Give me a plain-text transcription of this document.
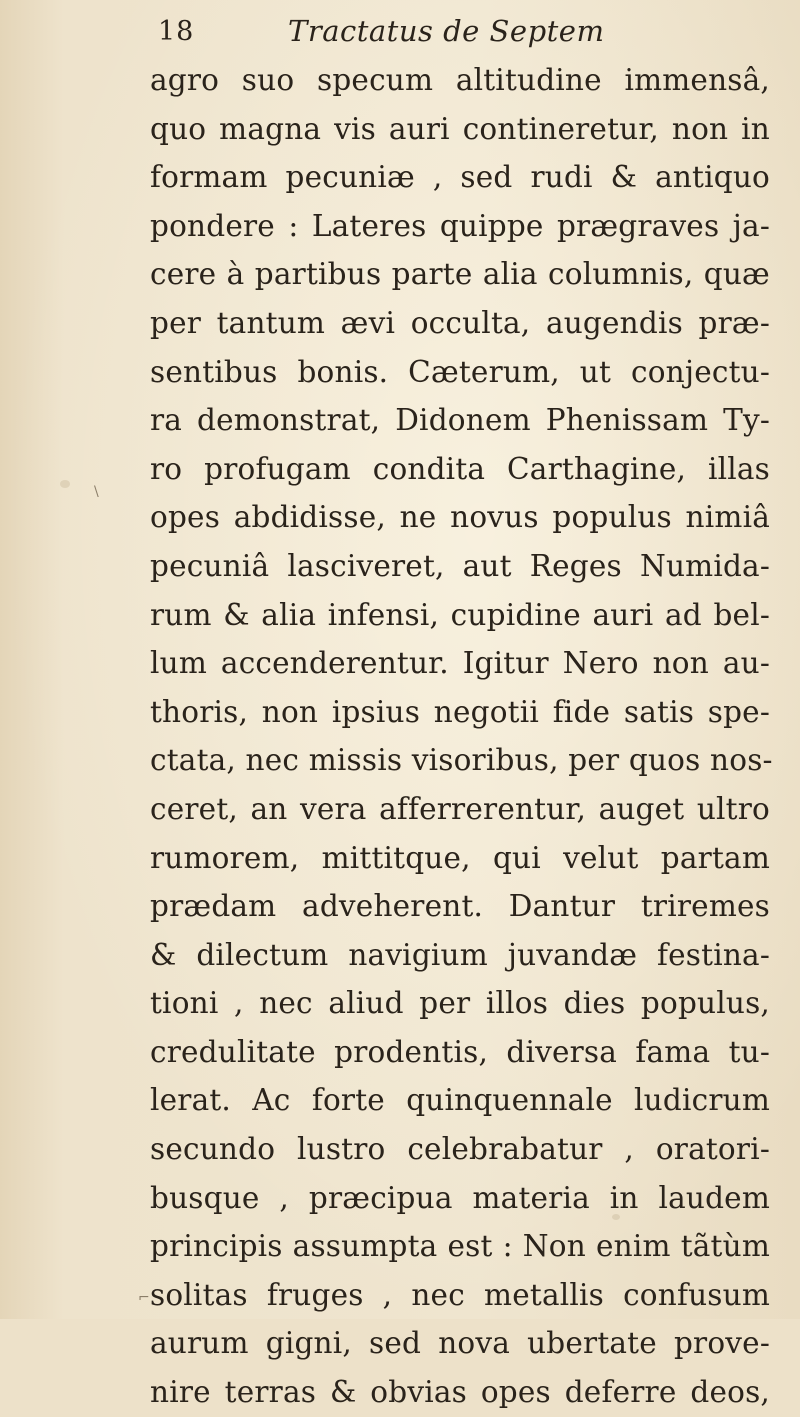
\
⌐
18	Tractatus de Septem
agro suo specum altitudine immensâ,
quo magna vis auri contineretur, non in
formam pecuniæ , sed rudi & antiquo
pondere : Lateres quippe prægraves ja-
cere à partibus parte alia columnis, quæ
per tantum ævi occulta, augendis præ-
sentibus bonis. Cæterum, ut conjectu-
ra demonstrat, Didonem Phenissam Ty-
ro profugam condita Carthagine, illas
opes abdidisse, ne novus populus nimiâ
pecuniâ lasciveret, aut Reges Numida-
rum & alia infensi, cupidine auri ad bel-
lum accenderentur. Igitur Nero non au-
thoris, non ipsius negotii fide satis spe-
ctata, nec missis visoribus, per quos nos-
ceret, an vera afferrerentur, auget ultro
rumorem, mittitque, qui velut partam
prædam adveherent. Dantur triremes
& dilectum navigium juvandæ festina-
tioni , nec aliud per illos dies populus,
credulitate prodentis, diversa fama tu-
lerat. Ac forte quinquennale ludicrum
secundo lustro celebrabatur , oratori-
busque , præcipua materia in laudem
principis assumpta est : Non enim tãtùm
solitas fruges , nec metallis confusum
aurum gigni, sed nova ubertate prove-
nire terras & obvias opes deferre deos,
